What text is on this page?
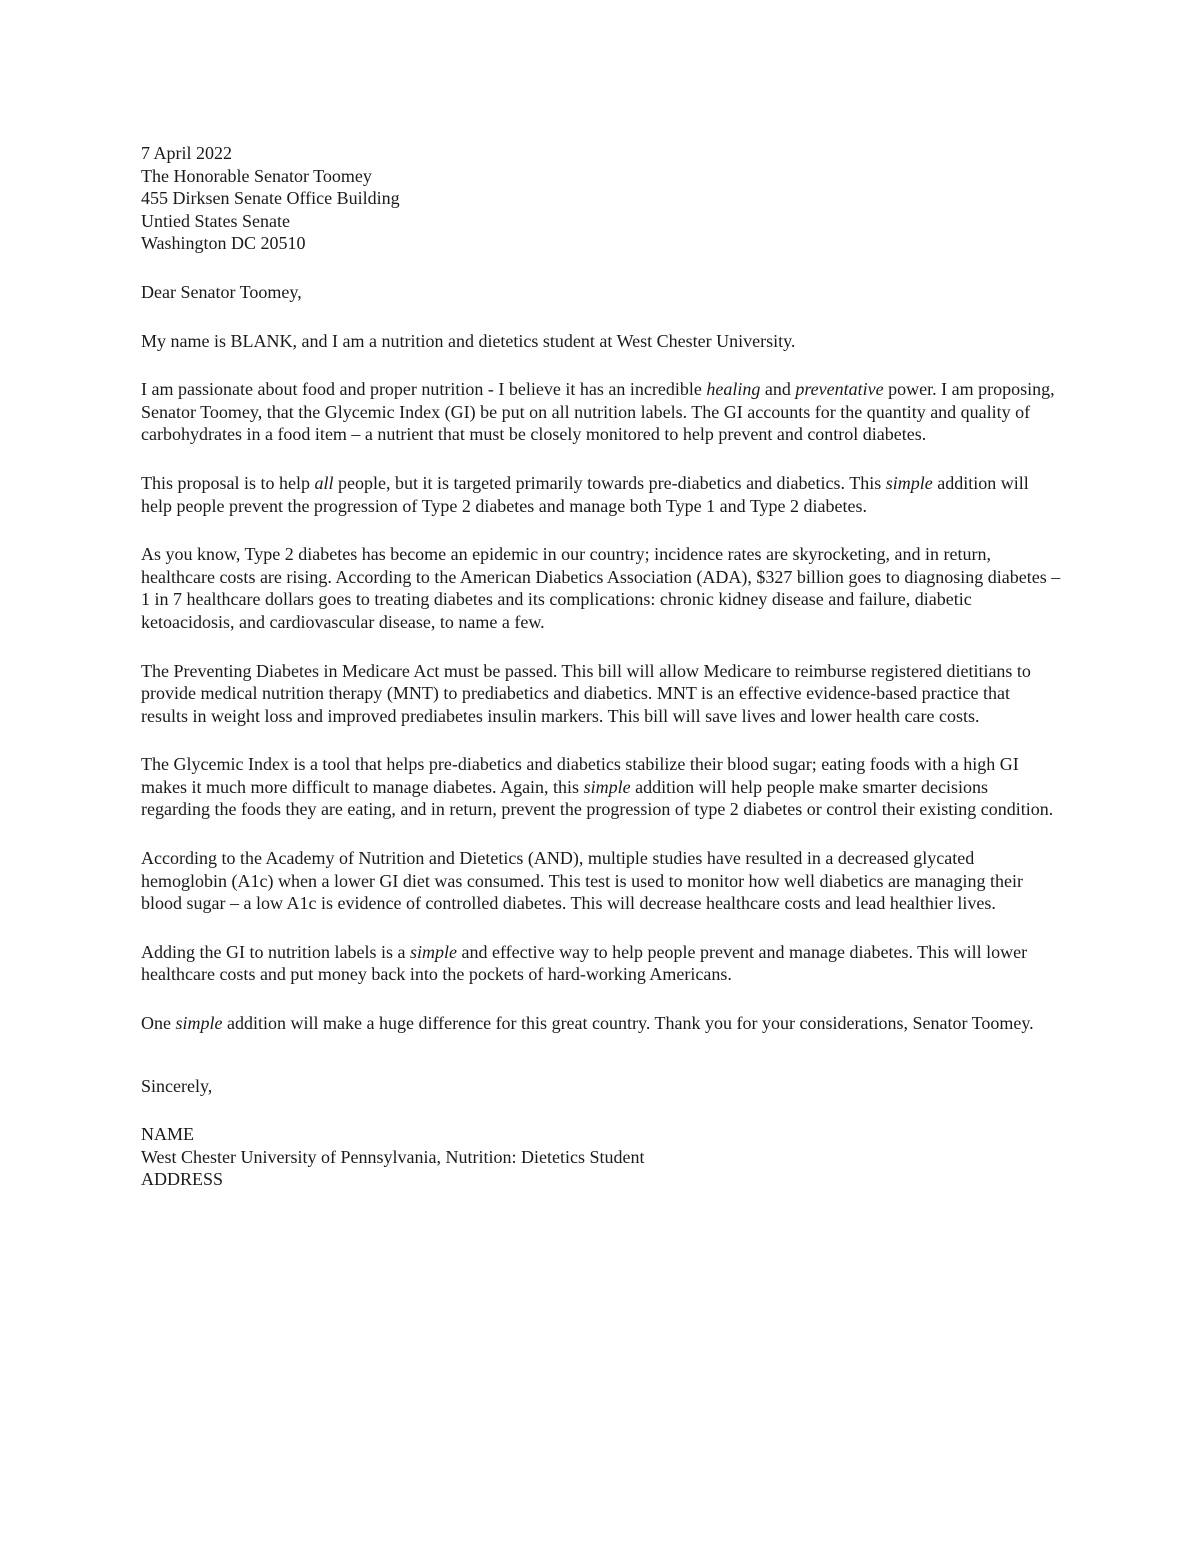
7 April 2022

The Honorable Senator Toomey

455 Dirksen Senate Office Building

Untied States Senate

Washington DC 20510

Dear Senator Toomey,

My name is BLANK, and I am a nutrition and dietetics student at West Chester University.

I am passionate about food and proper nutrition - I believe it has an incredible healing and preventative power. I am proposing, Senator Toomey, that the Glycemic Index (GI) be put on all nutrition labels. The GI accounts for the quantity and quality of carbohydrates in a food item – a nutrient that must be closely monitored to help prevent and control diabetes.

This proposal is to help all people, but it is targeted primarily towards pre-diabetics and diabetics. This simple addition will help people prevent the progression of Type 2 diabetes and manage both Type 1 and Type 2 diabetes.

As you know, Type 2 diabetes has become an epidemic in our country; incidence rates are skyrocketing, and in return, healthcare costs are rising. According to the American Diabetics Association (ADA), $327 billion goes to diagnosing diabetes – 1 in 7 healthcare dollars goes to treating diabetes and its complications: chronic kidney disease and failure, diabetic ketoacidosis, and cardiovascular disease, to name a few.

The Preventing Diabetes in Medicare Act must be passed. This bill will allow Medicare to reimburse registered dietitians to provide medical nutrition therapy (MNT) to prediabetics and diabetics. MNT is an effective evidence-based practice that results in weight loss and improved prediabetes insulin markers. This bill will save lives and lower health care costs.

The Glycemic Index is a tool that helps pre-diabetics and diabetics stabilize their blood sugar; eating foods with a high GI makes it much more difficult to manage diabetes. Again, this simple addition will help people make smarter decisions regarding the foods they are eating, and in return, prevent the progression of type 2 diabetes or control their existing condition.

According to the Academy of Nutrition and Dietetics (AND), multiple studies have resulted in a decreased glycated hemoglobin (A1c) when a lower GI diet was consumed. This test is used to monitor how well diabetics are managing their blood sugar – a low A1c is evidence of controlled diabetes. This will decrease healthcare costs and lead healthier lives.

Adding the GI to nutrition labels is a simple and effective way to help people prevent and manage diabetes. This will lower healthcare costs and put money back into the pockets of hard-working Americans.

One simple addition will make a huge difference for this great country. Thank you for your considerations, Senator Toomey.

Sincerely,

NAME

West Chester University of Pennsylvania, Nutrition: Dietetics Student

ADDRESS
